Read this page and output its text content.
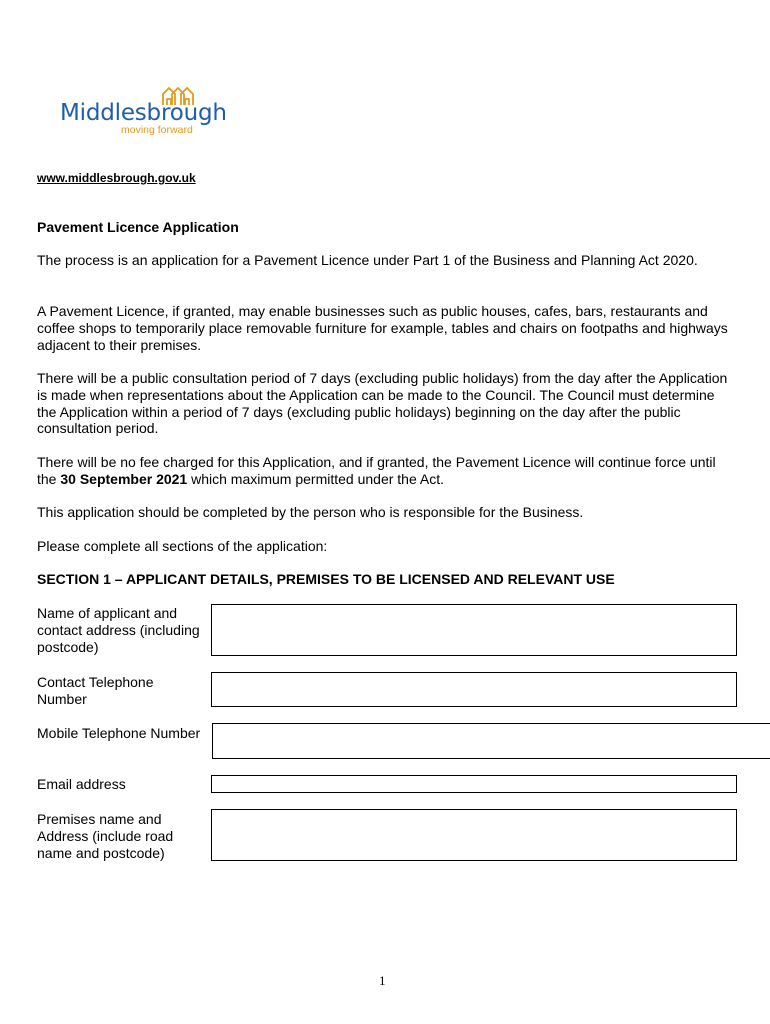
Middlesbrough
moving forward
www.middlesbrough.gov.uk
Pavement Licence Application
The process is an application for a Pavement Licence under Part 1 of the Business and Planning Act 2020.
A Pavement Licence, if granted, may enable businesses such as public houses, cafes, bars, restaurants and coffee shops to temporarily place removable furniture for example, tables and chairs on footpaths and highways adjacent to their premises.
There will be a public consultation period of 7 days (excluding public holidays) from the day after the Application is made when representations about the Application can be made to the Council. The Council must determine the Application within a period of 7 days (excluding public holidays) beginning on the day after the public consultation period.
There will be no fee charged for this Application, and if granted, the Pavement Licence will continue force until the 30 September 2021 which maximum permitted under the Act.
This application should be completed by the person who is responsible for the Business.
Please complete all sections of the application:
SECTION 1 – APPLICANT DETAILS, PREMISES TO BE LICENSED AND RELEVANT USE
Name of applicant and contact address (including postcode)
Contact Telephone Number
Mobile Telephone Number
Email address
Premises name and Address (include road name and postcode)
1
